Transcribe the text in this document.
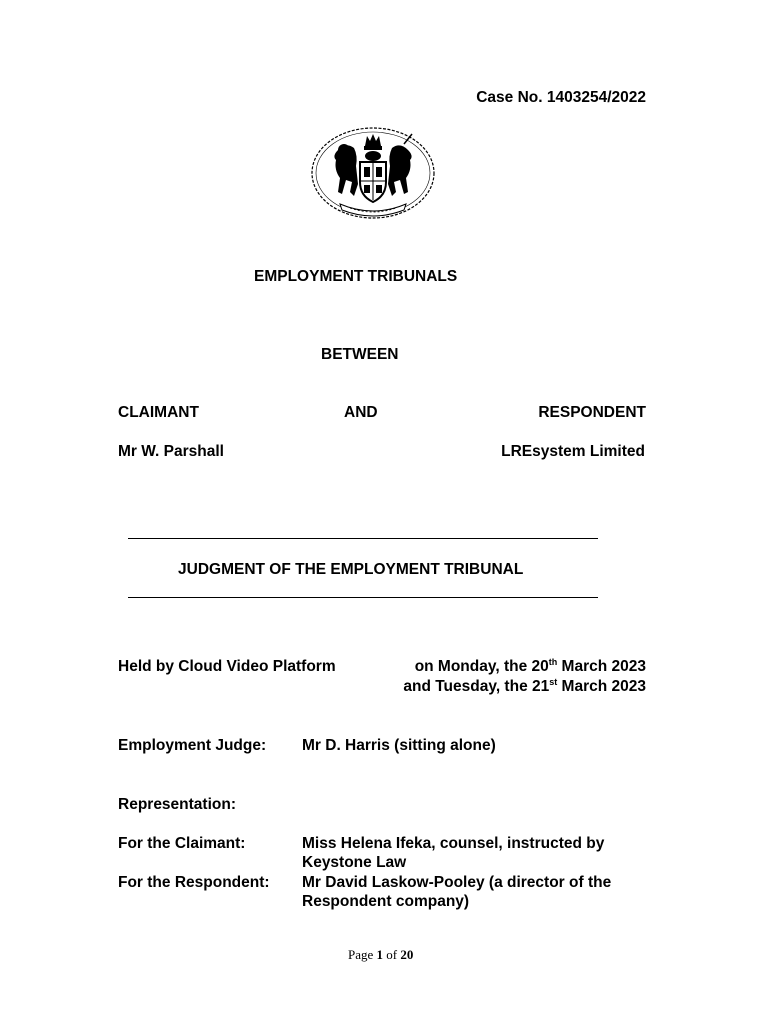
Case No. 1403254/2022
EMPLOYMENT TRIBUNALS
BETWEEN
CLAIMANT	AND	RESPONDENT
Mr W. Parshall	LREsystem Limited
JUDGMENT OF THE EMPLOYMENT TRIBUNAL
Held by Cloud Video Platform	on Monday, the 20th March 2023
and Tuesday, the 21st March 2023
Employment Judge: Mr D. Harris (sitting alone)
Representation:
For the Claimant:	Miss Helena Ifeka, counsel, instructed by
Keystone Law
For the Respondent: Mr David Laskow-Pooley (a director of the
Respondent company)
Page 1 of 20
